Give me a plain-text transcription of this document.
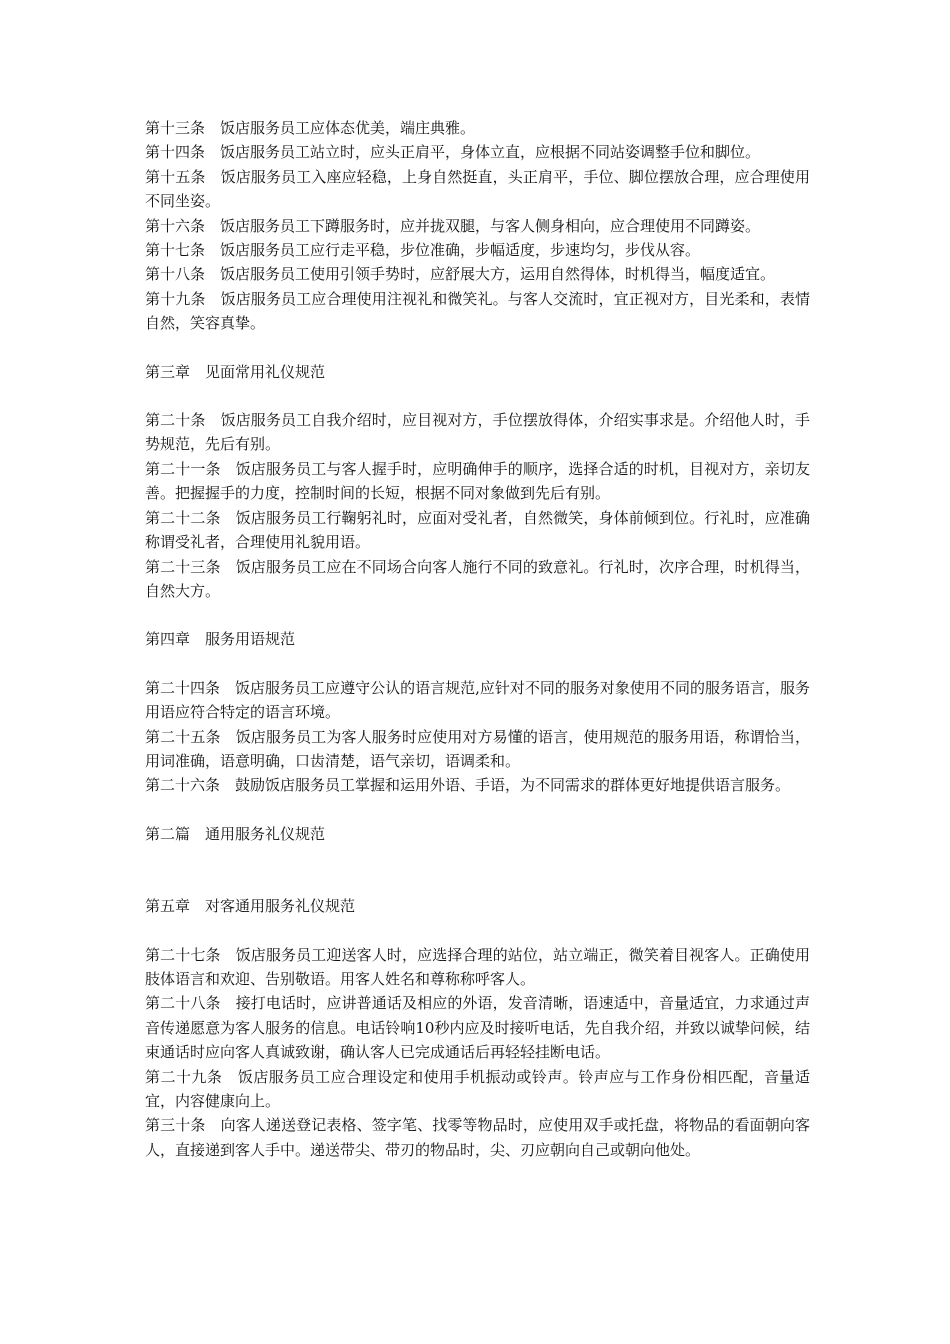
第十三条　饭店服务员工应体态优美，端庄典雅。

第十四条　饭店服务员工站立时，应头正肩平，身体立直，应根据不同站姿调整手位和脚位。

第十五条　饭店服务员工入座应轻稳，上身自然挺直，头正肩平，手位、脚位摆放合理，应合理使用不同坐姿。

第十六条　饭店服务员工下蹲服务时，应并拢双腿，与客人侧身相向，应合理使用不同蹲姿。

第十七条　饭店服务员工应行走平稳，步位准确，步幅适度，步速均匀，步伐从容。

第十八条　饭店服务员工使用引领手势时，应舒展大方，运用自然得体，时机得当，幅度适宜。

第十九条　饭店服务员工应合理使用注视礼和微笑礼。与客人交流时，宜正视对方，目光柔和，表情自然，笑容真挚。

第三章　见面常用礼仪规范

第二十条　饭店服务员工自我介绍时，应目视对方，手位摆放得体，介绍实事求是。介绍他人时，手势规范，先后有别。

第二十一条　饭店服务员工与客人握手时，应明确伸手的顺序，选择合适的时机，目视对方，亲切友善。把握握手的力度，控制时间的长短，根据不同对象做到先后有别。

第二十二条　饭店服务员工行鞠躬礼时，应面对受礼者，自然微笑，身体前倾到位。行礼时，应准确称谓受礼者，合理使用礼貌用语。

第二十三条　饭店服务员工应在不同场合向客人施行不同的致意礼。行礼时，次序合理，时机得当，自然大方。

第四章　服务用语规范

第二十四条　饭店服务员工应遵守公认的语言规范,应针对不同的服务对象使用不同的服务语言，服务用语应符合特定的语言环境。

第二十五条　饭店服务员工为客人服务时应使用对方易懂的语言，使用规范的服务用语，称谓恰当，用词准确，语意明确，口齿清楚，语气亲切，语调柔和。

第二十六条　鼓励饭店服务员工掌握和运用外语、手语，为不同需求的群体更好地提供语言服务。

第二篇　通用服务礼仪规范

第五章　对客通用服务礼仪规范

第二十七条　饭店服务员工迎送客人时，应选择合理的站位，站立端正，微笑着目视客人。正确使用肢体语言和欢迎、告别敬语。用客人姓名和尊称称呼客人。

第二十八条　接打电话时，应讲普通话及相应的外语，发音清晰，语速适中，音量适宜，力求通过声音传递愿意为客人服务的信息。电话铃响10秒内应及时接听电话，先自我介绍，并致以诚挚问候，结束通话时应向客人真诚致谢，确认客人已完成通话后再轻轻挂断电话。

第二十九条　饭店服务员工应合理设定和使用手机振动或铃声。铃声应与工作身份相匹配，音量适宜，内容健康向上。

第三十条　向客人递送登记表格、签字笔、找零等物品时，应使用双手或托盘，将物品的看面朝向客人，直接递到客人手中。递送带尖、带刃的物品时，尖、刃应朝向自己或朝向他处。
